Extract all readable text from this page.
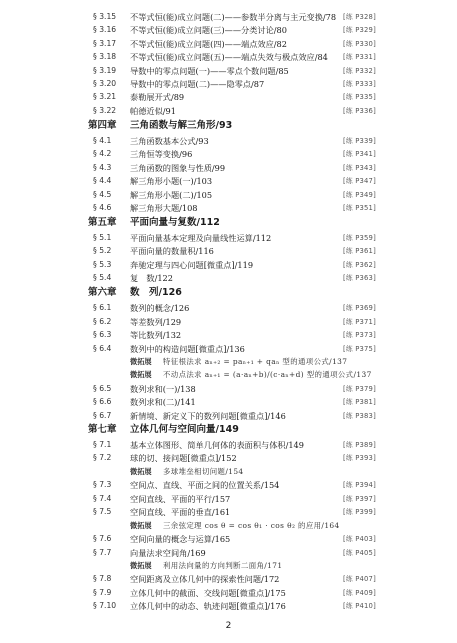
§ 3.15 不等式恒(能)成立问题(二)——参数半分离与主元变换/78 [练 P328]
§ 3.16 不等式恒(能)成立问题(三)——分类讨论/80	[练 P329]
§ 3.17 不等式恒(能)成立问题(四)——端点效应/82	[练 P330]
§ 3.18 不等式恒(能)成立问题(五)——端点失效与极点效应/84 [练 P331]
§ 3.19 导数中的零点问题(一)——零点个数问题/85	[练 P332]
§ 3.20 导数中的零点问题(二)——隐零点/87	[练 P333]
§ 3.21 泰勒展开式/89	[练 P335]
§ 3.22 帕德近似/91	[练 P336]
第四章 三角函数与解三角形/93
§ 4.1 三角函数基本公式/93	[练 P339]
§ 4.2 三角恒等变换/96	[练 P341]
§ 4.3 三角函数的图象与性质/99	[练 P343]
§ 4.4 解三角形小题(一)/103	[练 P347]
§ 4.5 解三角形小题(二)/105	[练 P349]
§ 4.6 解三角形大题/108	[练 P351]
第五章 平面向量与复数/112
§ 5.1 平面向量基本定理及向量线性运算/112	[练 P359]
§ 5.2 平面向量的数量积/116	[练 P361]
§ 5.3 奔驰定理与四心问题[微重点]/119	[练 P362]
§ 5.4 复　数/122	[练 P363]
第六章 数　列/126
§ 6.1 数列的概念/126	[练 P369]
§ 6.2 等差数列/129	[练 P371]
§ 6.3 等比数列/132	[练 P373]
§ 6.4 数列中的构造问题[微重点]/136	[练 P375]
微拓展 特征根法求 aₙ₊₂ = paₙ₊₁ + qaₙ 型的通项公式/137
微拓展 不动点法求 aₙ₊₁ = (a·aₙ+b)/(c·aₙ+d) 型的通项公式/137
§ 6.5 数列求和(一)/138	[练 P379]
§ 6.6 数列求和(二)/141	[练 P381]
§ 6.7 新情境、新定义下的数列问题[微重点]/146	[练 P383]
第七章 立体几何与空间向量/149
§ 7.1 基本立体图形、简单几何体的表面积与体积/149	[练 P389]
§ 7.2 球的切、接问题[微重点]/152	[练 P393]
微拓展 多球堆垒相切问题/154
§ 7.3 空间点、直线、平面之间的位置关系/154	[练 P394]
§ 7.4 空间直线、平面的平行/157	[练 P397]
§ 7.5 空间直线、平面的垂直/161	[练 P399]
微拓展 三余弦定理 cos θ = cos θ₁ · cos θ₂ 的应用/164
§ 7.6 空间向量的概念与运算/165	[练 P403]
§ 7.7 向量法求空间角/169	[练 P405]
微拓展 利用法向量的方向判断二面角/171
§ 7.8 空间距离及立体几何中的探索性问题/172	[练 P407]
§ 7.9 立体几何中的截面、交线问题[微重点]/175	[练 P409]
§ 7.10 立体几何中的动态、轨迹问题[微重点]/176	[练 P410]
2
